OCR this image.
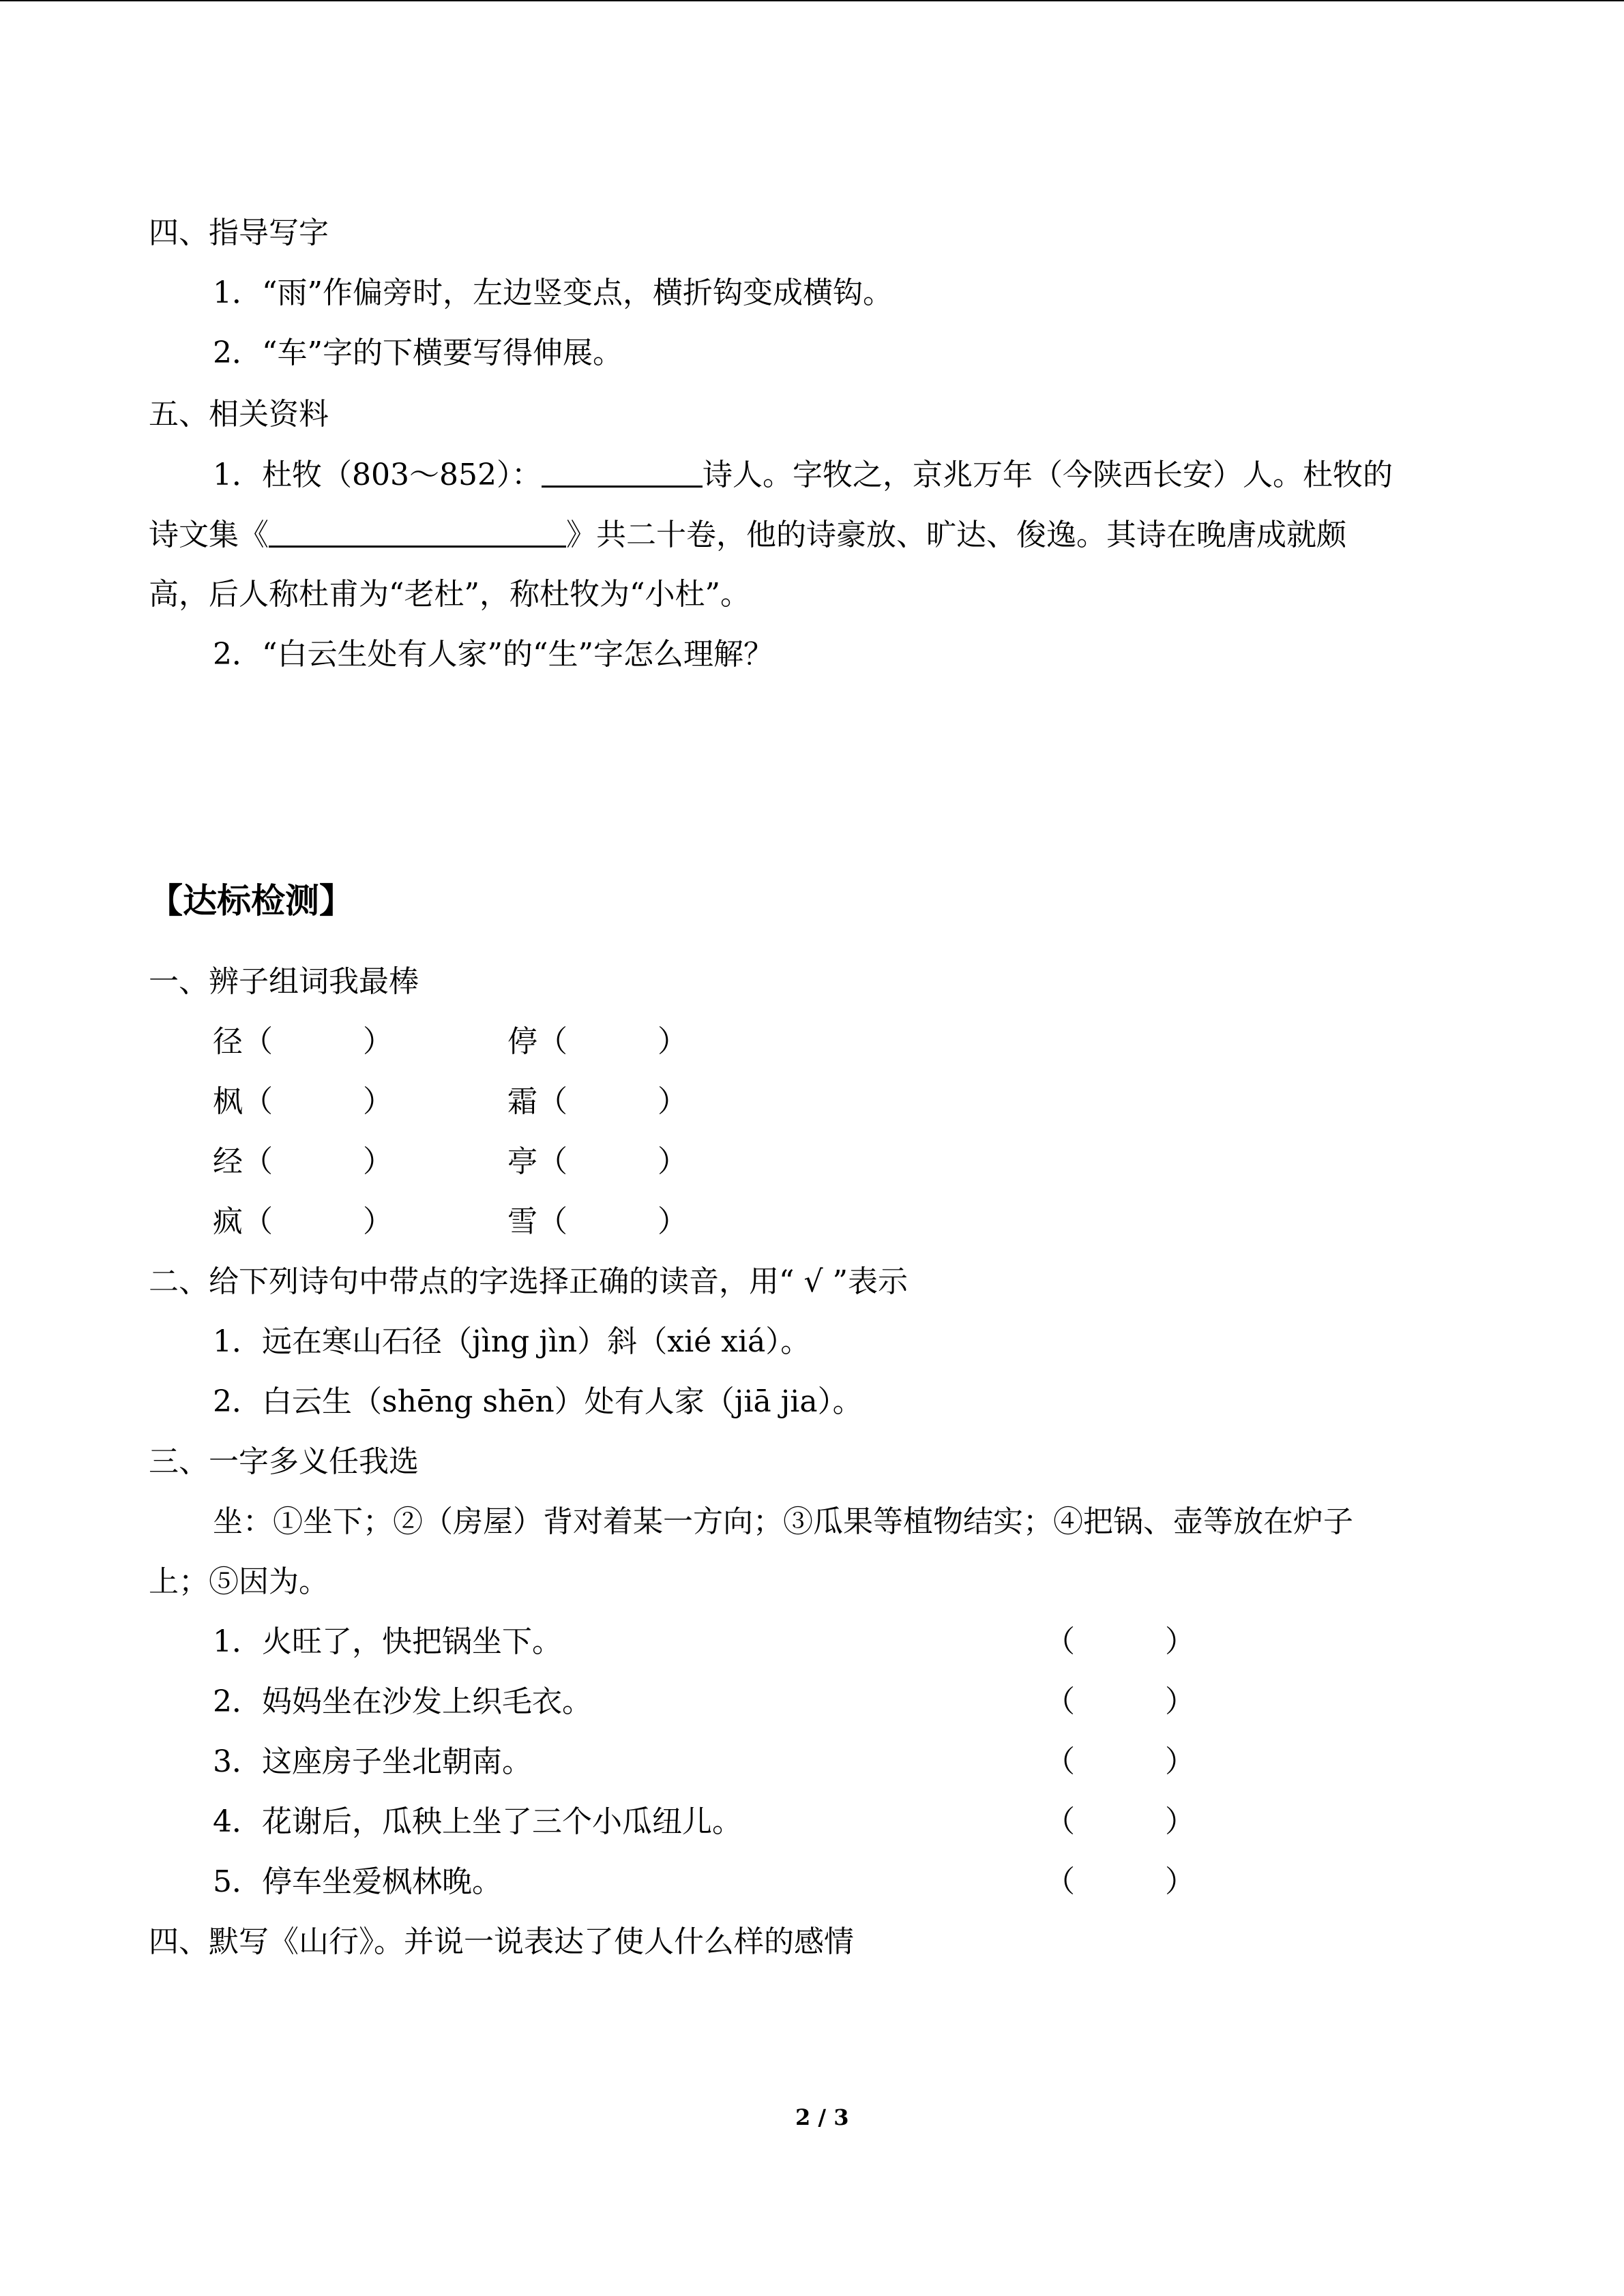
四、指导写字
1．“雨”作偏旁时，左边竖变点，横折钩变成横钩。
2．“车”字的下横要写得伸展。
五、相关资料
1．杜牧（803～852）：	诗人。字牧之，京兆万年（今陕西长安）人。杜牧的
诗文集《	》共二十卷，他的诗豪放、旷达、俊逸。其诗在晚唐成就颇
高，后人称杜甫为“老杜”，称杜牧为“小杜”。
2．“白云生处有人家”的“生”字怎么理解？
【达标检测】
一、辨子组词我最棒
径（　　　）	停（　　　）
枫（　　　）	霜（　　　）
经（　　　）	亭（　　　）
疯（　　　）	雪（　　　）
二、给下列诗句中带点的字选择正确的读音，用“ √ ”表示
1．远在寒山石径（jìng jìn）斜（xié xiá）。
2．白云生（shēng shēn）处有人家（jiā jia）。
三、一字多义任我选
坐：①坐下；②（房屋）背对着某一方向；③瓜果等植物结实；④把锅、壶等放在炉子
上；⑤因为。
1．火旺了，快把锅坐下。	（　　　）
2．妈妈坐在沙发上织毛衣。	（　　　）
3．这座房子坐北朝南。	（　　　）
4．花谢后，瓜秧上坐了三个小瓜纽儿。	（　　　）
5．停车坐爱枫林晚。	（　　　）
四、默写《山行》。并说一说表达了使人什么样的感情
2 / 3
